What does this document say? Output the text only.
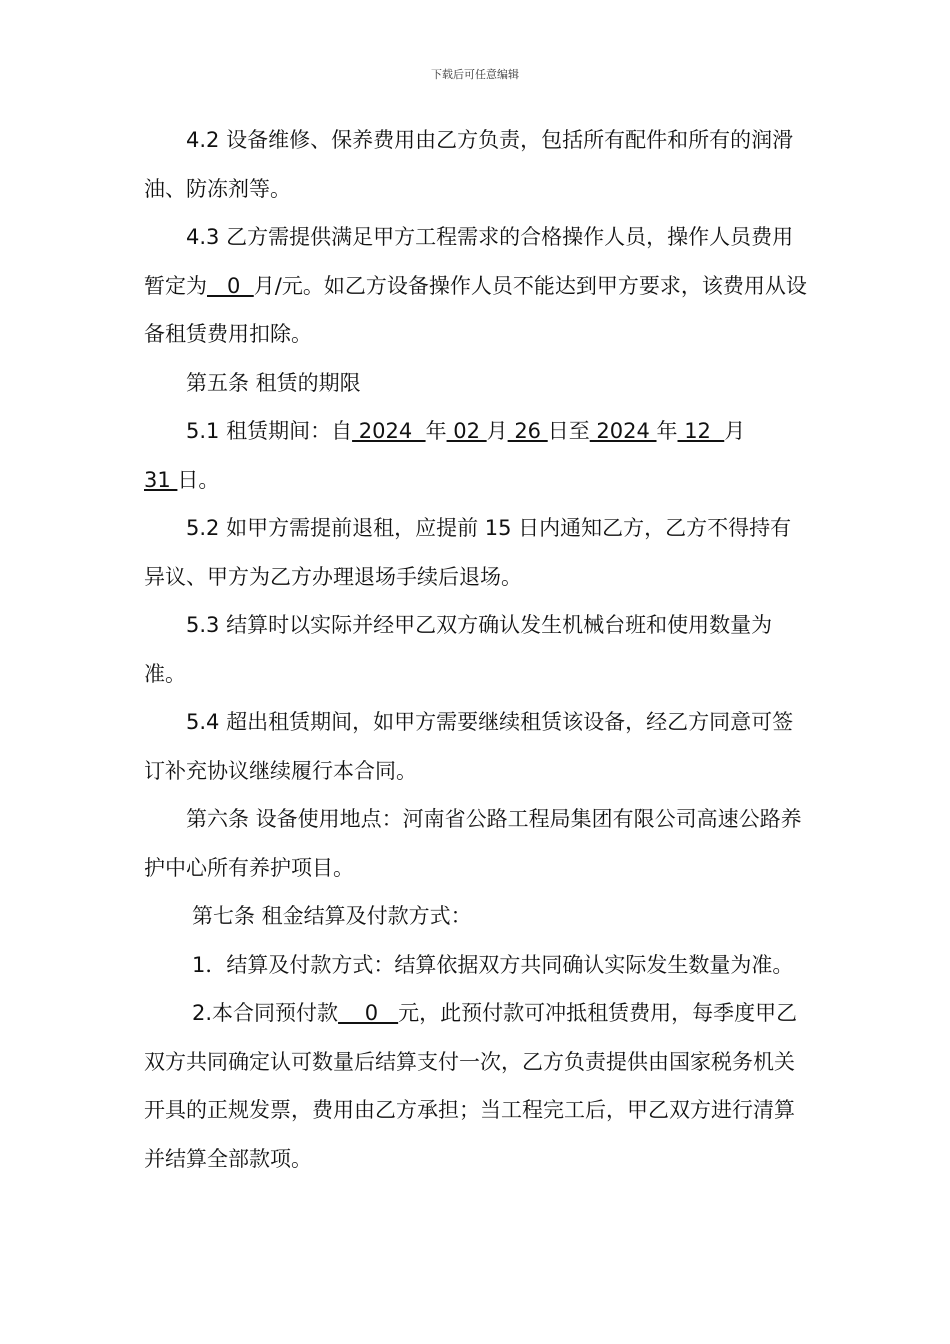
下载后可任意编辑

4.2 设备维修、保养费用由乙方负责，包括所有配件和所有的润滑油、防冻剂等。

4.3 乙方需提供满足甲方工程需求的合格操作人员，操作人员费用暂定为   0  月/元。如乙方设备操作人员不能达到甲方要求，该费用从设备租赁费用扣除。

第五条 租赁的期限

5.1 租赁期间：自 2024  年 02 月 26 日至 2024 年 12  月31 日。

5.2 如甲方需提前退租，应提前 15 日内通知乙方，乙方不得持有异议、甲方为乙方办理退场手续后退场。

5.3 结算时以实际并经甲乙双方确认发生机械台班和使用数量为准。

5.4 超出租赁期间，如甲方需要继续租赁该设备，经乙方同意可签订补充协议继续履行本合同。

第六条 设备使用地点：河南省公路工程局集团有限公司高速公路养护中心所有养护项目。

第七条 租金结算及付款方式：

1．结算及付款方式：结算依据双方共同确认实际发生数量为准。

2.本合同预付款    0   元，此预付款可冲抵租赁费用，每季度甲乙双方共同确定认可数量后结算支付一次，乙方负责提供由国家税务机关开具的正规发票，费用由乙方承担；当工程完工后，甲乙双方进行清算并结算全部款项。
